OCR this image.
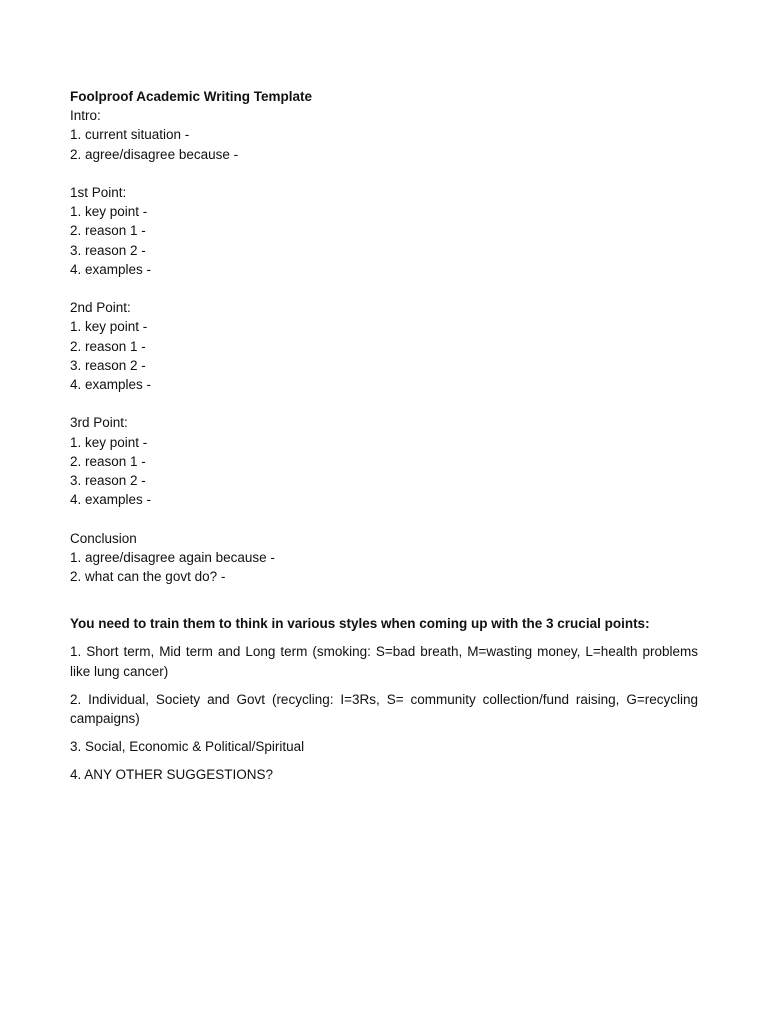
Foolproof Academic Writing Template
Intro:
1. current situation -
2. agree/disagree because -
1st Point:
1. key point -
2. reason 1 -
3. reason 2 -
4. examples -
2nd Point:
1. key point -
2. reason 1 -
3. reason 2 -
4. examples -
3rd Point:
1. key point -
2. reason 1 -
3. reason 2 -
4. examples -
Conclusion
1. agree/disagree again because -
2. what can the govt do? -
You need to train them to think in various styles when coming up with the 3 crucial points:
1. Short term, Mid term and Long term (smoking: S=bad breath, M=wasting money, L=health problems like lung cancer)
2. Individual, Society and Govt (recycling: I=3Rs, S= community collection/fund raising, G=recycling campaigns)
3. Social, Economic & Political/Spiritual
4. ANY OTHER SUGGESTIONS?
